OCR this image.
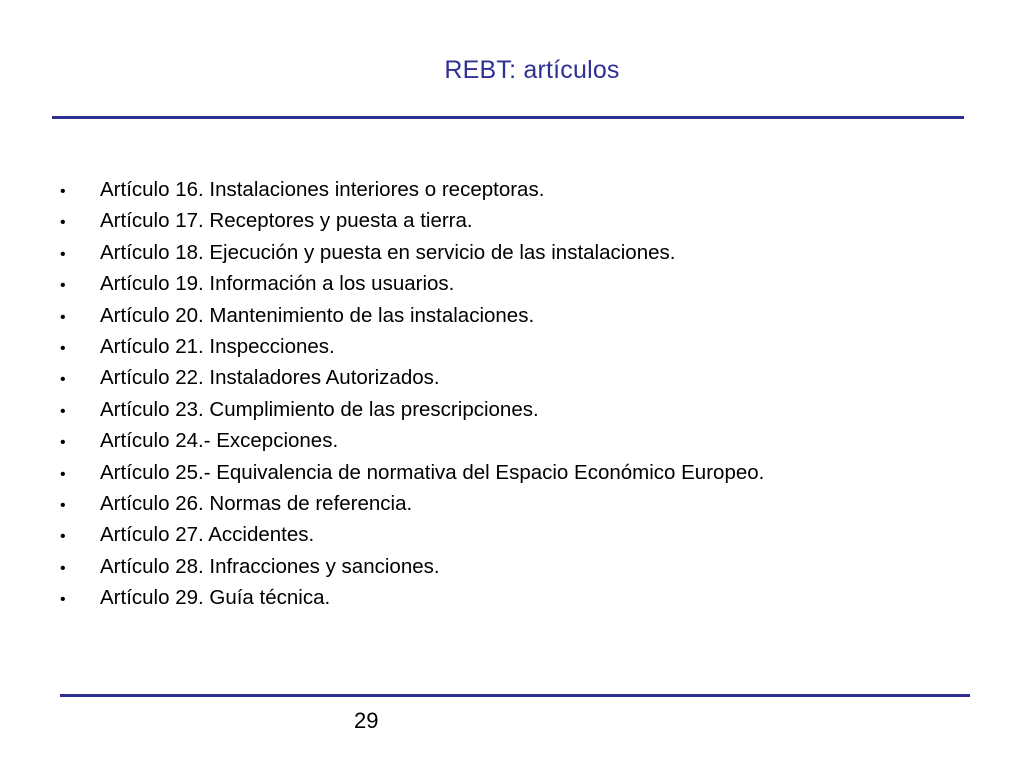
REBT: artículos
•	Artículo 16. Instalaciones interiores o receptoras.
•	Artículo 17. Receptores y puesta a tierra.
•	Artículo 18. Ejecución y puesta en servicio de las instalaciones.
•	Artículo 19. Información a los usuarios.
•	Artículo 20. Mantenimiento de las instalaciones.
•	Artículo 21. Inspecciones.
•	Artículo 22. Instaladores Autorizados.
•	Artículo 23. Cumplimiento de las prescripciones.
•	Artículo 24.- Excepciones.
•	Artículo 25.- Equivalencia de normativa del Espacio Económico Europeo.
•	Artículo 26. Normas de referencia.
•	Artículo 27. Accidentes.
•	Artículo 28. Infracciones y sanciones.
•	Artículo 29. Guía técnica.
29
